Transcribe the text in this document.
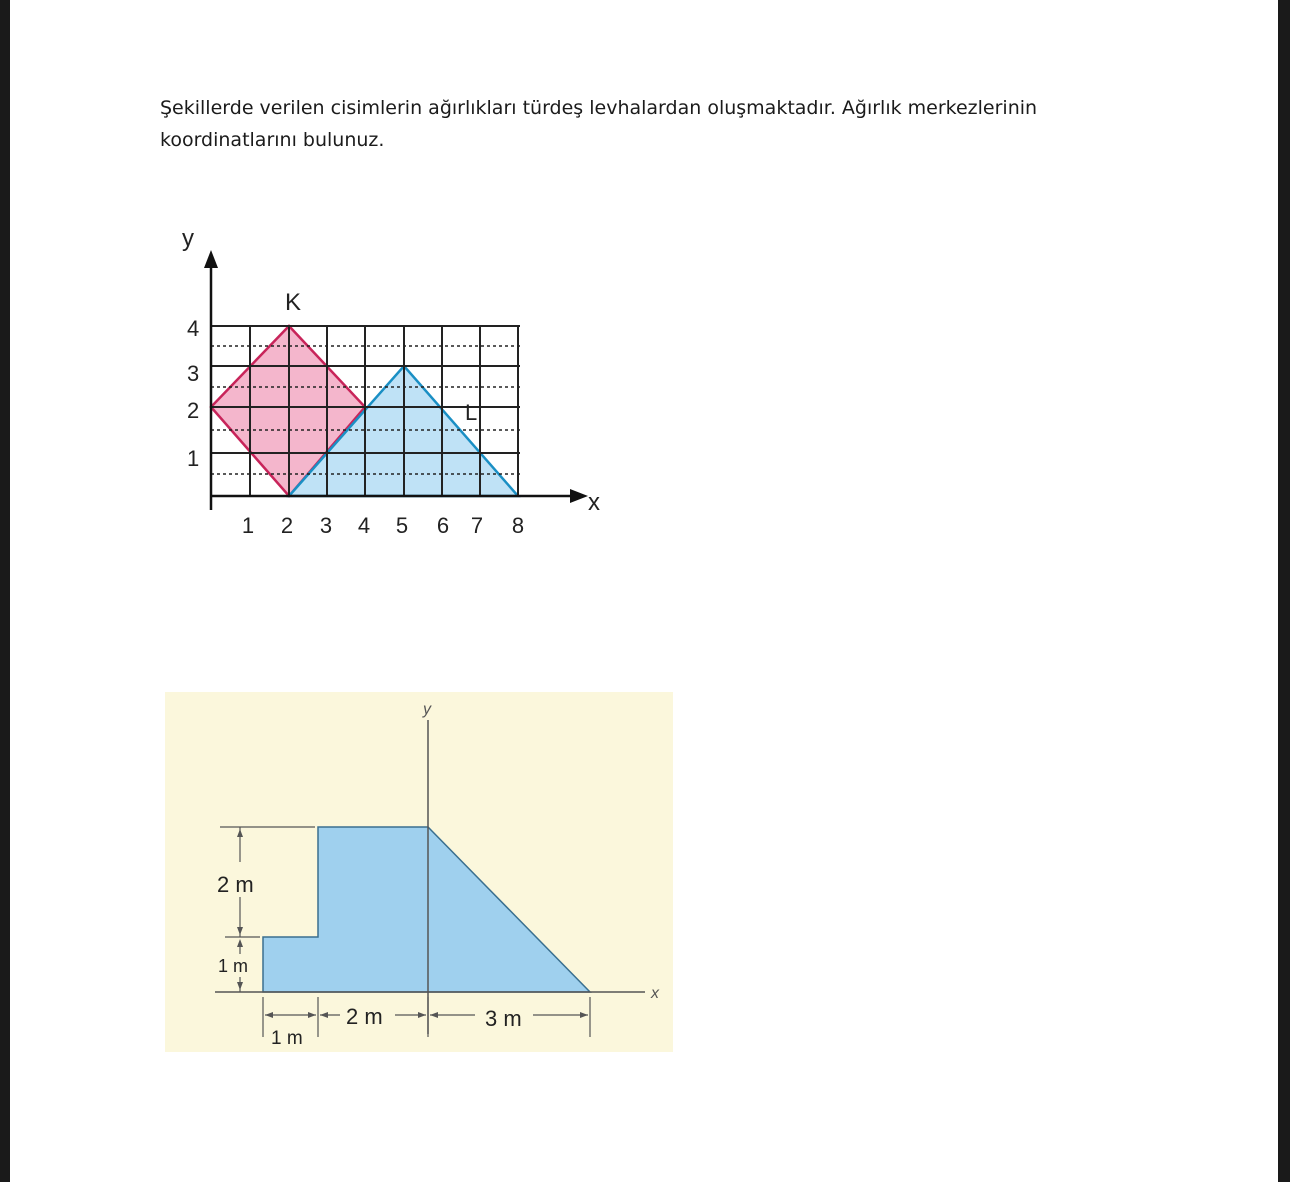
Şekillerde verilen cisimlerin ağırlıkları türdeş levhalardan oluşmaktadır. Ağırlık merkezlerinin koordinatlarını bulunuz.

y
x
1
2
3
4
1 2 3 4 5 6 7 8
K
L
y
x
2 m
1 m
1 m
2 m	3 m
